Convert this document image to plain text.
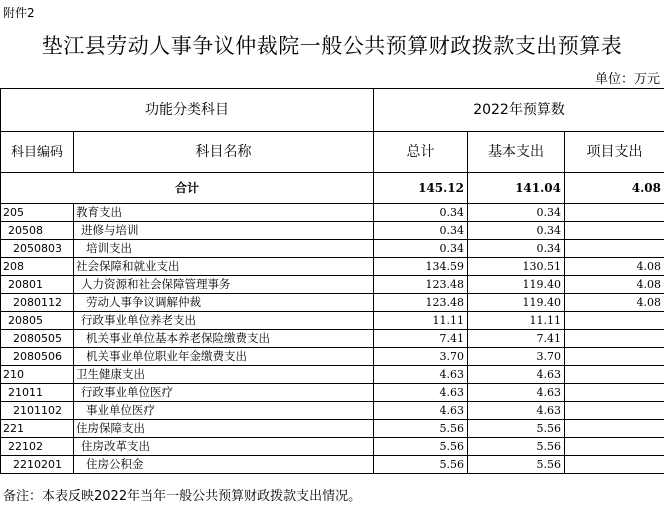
附件2
垫江县劳动人事争议仲裁院一般公共预算财政拨款支出预算表
单位：万元
功能分类科目		2022年预算数		
科目编码	科目名称	总计	基本支出	项目支出
合计		145.12	141.04	4.08
205	教育支出	0.34	0.34	
20508	进修与培训	0.34	0.34	
2050803	培训支出	0.34	0.34	
208	社会保障和就业支出	134.59	130.51	4.08
20801	人力资源和社会保障管理事务	123.48	119.40	4.08
2080112	劳动人事争议调解仲裁	123.48	119.40	4.08
20805	行政事业单位养老支出	11.11	11.11	
2080505	机关事业单位基本养老保险缴费支出	7.41	7.41	
2080506	机关事业单位职业年金缴费支出	3.70	3.70	
210	卫生健康支出	4.63	4.63	
21011	行政事业单位医疗	4.63	4.63	
2101102	事业单位医疗	4.63	4.63	
221	住房保障支出	5.56	5.56	
22102	住房改革支出	5.56	5.56	
2210201	住房公积金	5.56	5.56	
备注：本表反映2022年当年一般公共预算财政拨款支出情况。
